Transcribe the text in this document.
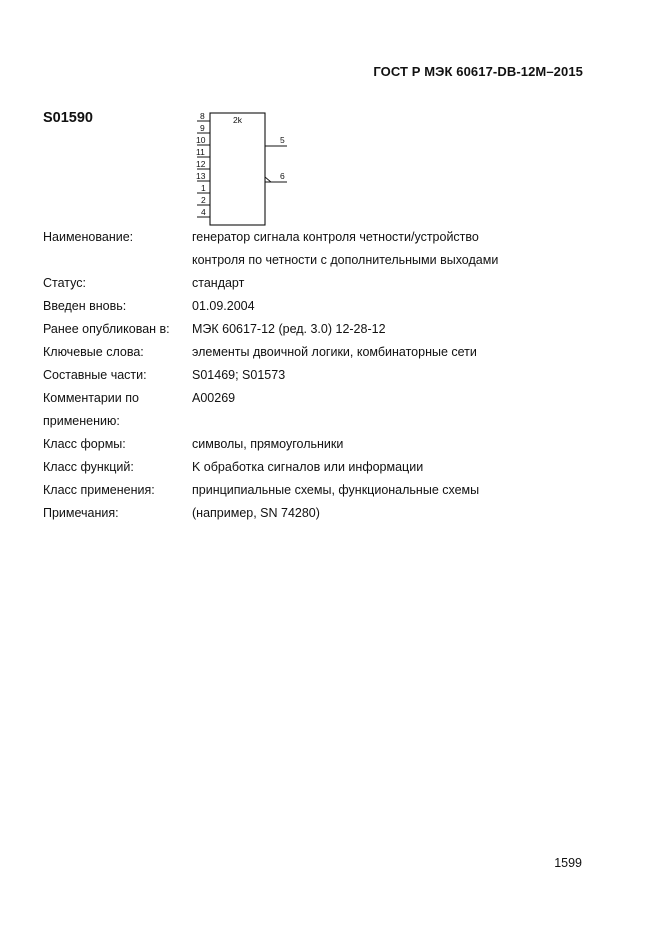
ГОСТ Р МЭК 60617-DB-12M–2015
S01590	2k
8
9
10
11
12
13
1
2
4
5
6
Наименование:	генератор сигнала контроля четности/устройство
контроля по четности с дополнительными выходами
Статус:	стандарт
Введен вновь:	01.09.2004
Ранее опубликован в:	МЭК 60617-12 (ред. 3.0) 12-28-12
Ключевые слова:	элементы двоичной логики, комбинаторные сети
Составные части:	S01469; S01573
Комментарии по применению:
A00269
Класс формы:	символы, прямоугольники
Класс функций:	K обработка сигналов или информации
Класс применения:	принципиальные схемы, функциональные схемы
Примечания:	(например, SN 74280)
1599
